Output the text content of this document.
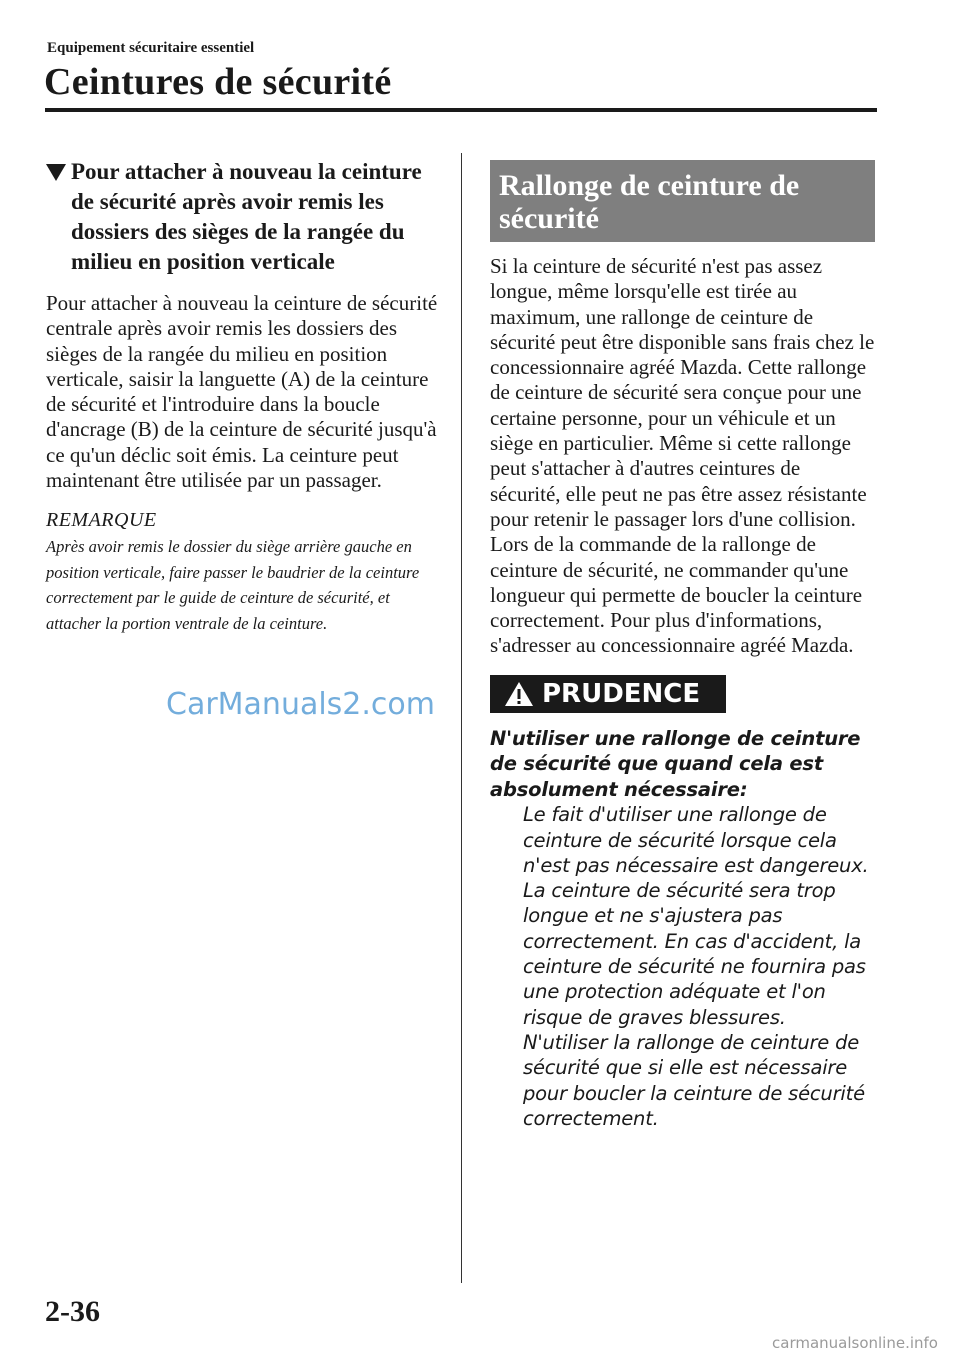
Equipement sécuritaire essentiel
Ceintures de sécurité
Pour attacher à nouveau la ceinture de sécurité après avoir remis les dossiers des sièges de la rangée du milieu en position verticale
Pour attacher à nouveau la ceinture de sécurité centrale après avoir remis les dossiers des sièges de la rangée du milieu en position verticale, saisir la languette (A) de la ceinture de sécurité et l'introduire dans la boucle d'ancrage (B) de la ceinture de sécurité jusqu'à ce qu'un déclic soit émis. La ceinture peut maintenant être utilisée par un passager.
REMARQUE
Après avoir remis le dossier du siège arrière gauche en position verticale, faire passer le baudrier de la ceinture correctement par le guide de ceinture de sécurité, et attacher la portion ventrale de la ceinture.
CarManuals2.com
Rallonge de ceinture de sécurité
Si la ceinture de sécurité n'est pas assez longue, même lorsqu'elle est tirée au maximum, une rallonge de ceinture de sécurité peut être disponible sans frais chez le concessionnaire agréé Mazda. Cette rallonge de ceinture de sécurité sera conçue pour une certaine personne, pour un véhicule et un siège en particulier. Même si cette rallonge peut s'attacher à d'autres ceintures de sécurité, elle peut ne pas être assez résistante pour retenir le passager lors d'une collision. Lors de la commande de la rallonge de ceinture de sécurité, ne commander qu'une longueur qui permette de boucler la ceinture correctement. Pour plus d'informations, s'adresser au concessionnaire agréé Mazda.
PRUDENCE
N'utiliser une rallonge de ceinture de sécurité que quand cela est absolument nécessaire:
Le fait d'utiliser une rallonge de ceinture de sécurité lorsque cela n'est pas nécessaire est dangereux. La ceinture de sécurité sera trop longue et ne s'ajustera pas correctement. En cas d'accident, la ceinture de sécurité ne fournira pas une protection adéquate et l'on risque de graves blessures. N'utiliser la rallonge de ceinture de sécurité que si elle est nécessaire pour boucler la ceinture de sécurité correctement.
2-36
carmanualsonline.info
